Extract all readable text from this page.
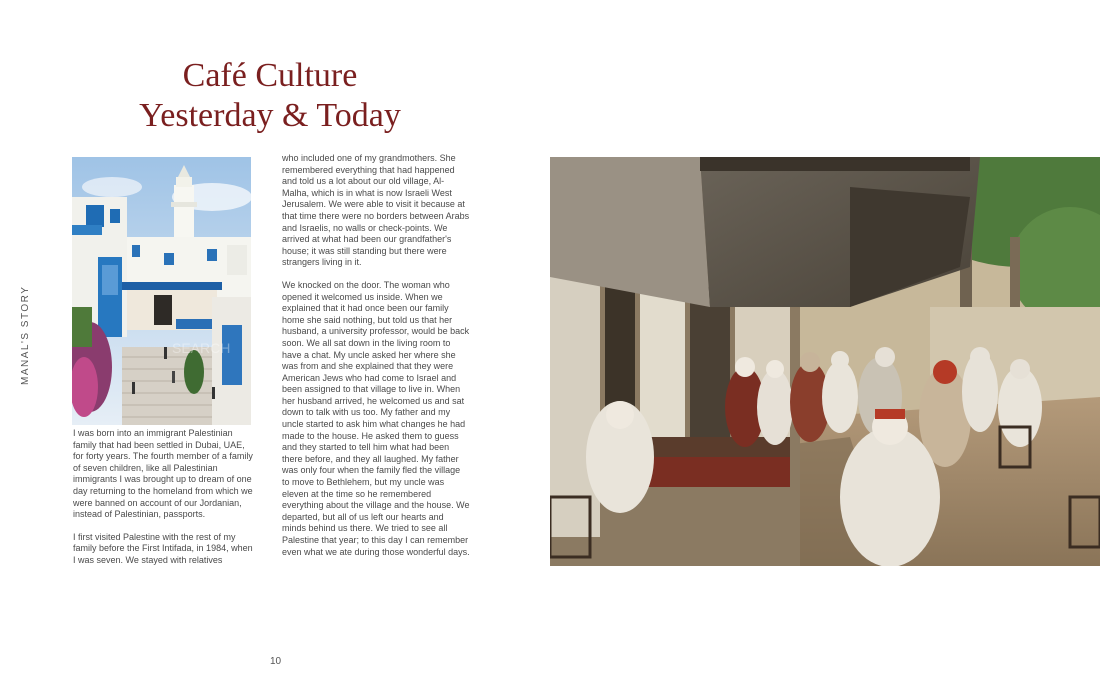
Café Culture
Yesterday & Today
MANAL'S STORY	SEARCH

I was born into an immigrant Palestinian family that had been settled in Dubai, UAE, for forty years. The fourth member of a family of seven children, like all Palestinian immigrants I was brought up to dream of one day returning to the homeland from which we were banned on account of our Jordanian, instead of Palestinian, passports.

I first visited Palestine with the rest of my family before the First Intifada, in 1984, when I was seven. We stayed with relatives

who included one of my grandmothers. She remembered everything that had happened and told us a lot about our old village, Al-Malha, which is in what is now Israeli West Jerusalem. We were able to visit it because at that time there were no borders between Arabs and Israelis, no walls or check-points. We arrived at what had been our grandfather's house; it was still standing but there were strangers living in it.

We knocked on the door. The woman who opened it welcomed us inside. When we explained that it had once been our family home she said nothing, but told us that her husband, a university professor, would be back soon. We all sat down in the living room to have a chat. My uncle asked her where she was from and she explained that they were American Jews who had come to Israel and been assigned to that village to live in. When her husband arrived, he welcomed us and sat down to talk with us too. My father and my uncle started to ask him what changes he had made to the house. He asked them to guess and they started to tell him what had been there before, and they all laughed. My father was only four when the family fled the village to move to Bethlehem, but my uncle was eleven at the time so he remembered everything about the village and the house. We departed, but all of us left our hearts and minds behind us there. We tried to see all Palestine that year; to this day I can remember even what we ate during those wonderful days.

10
